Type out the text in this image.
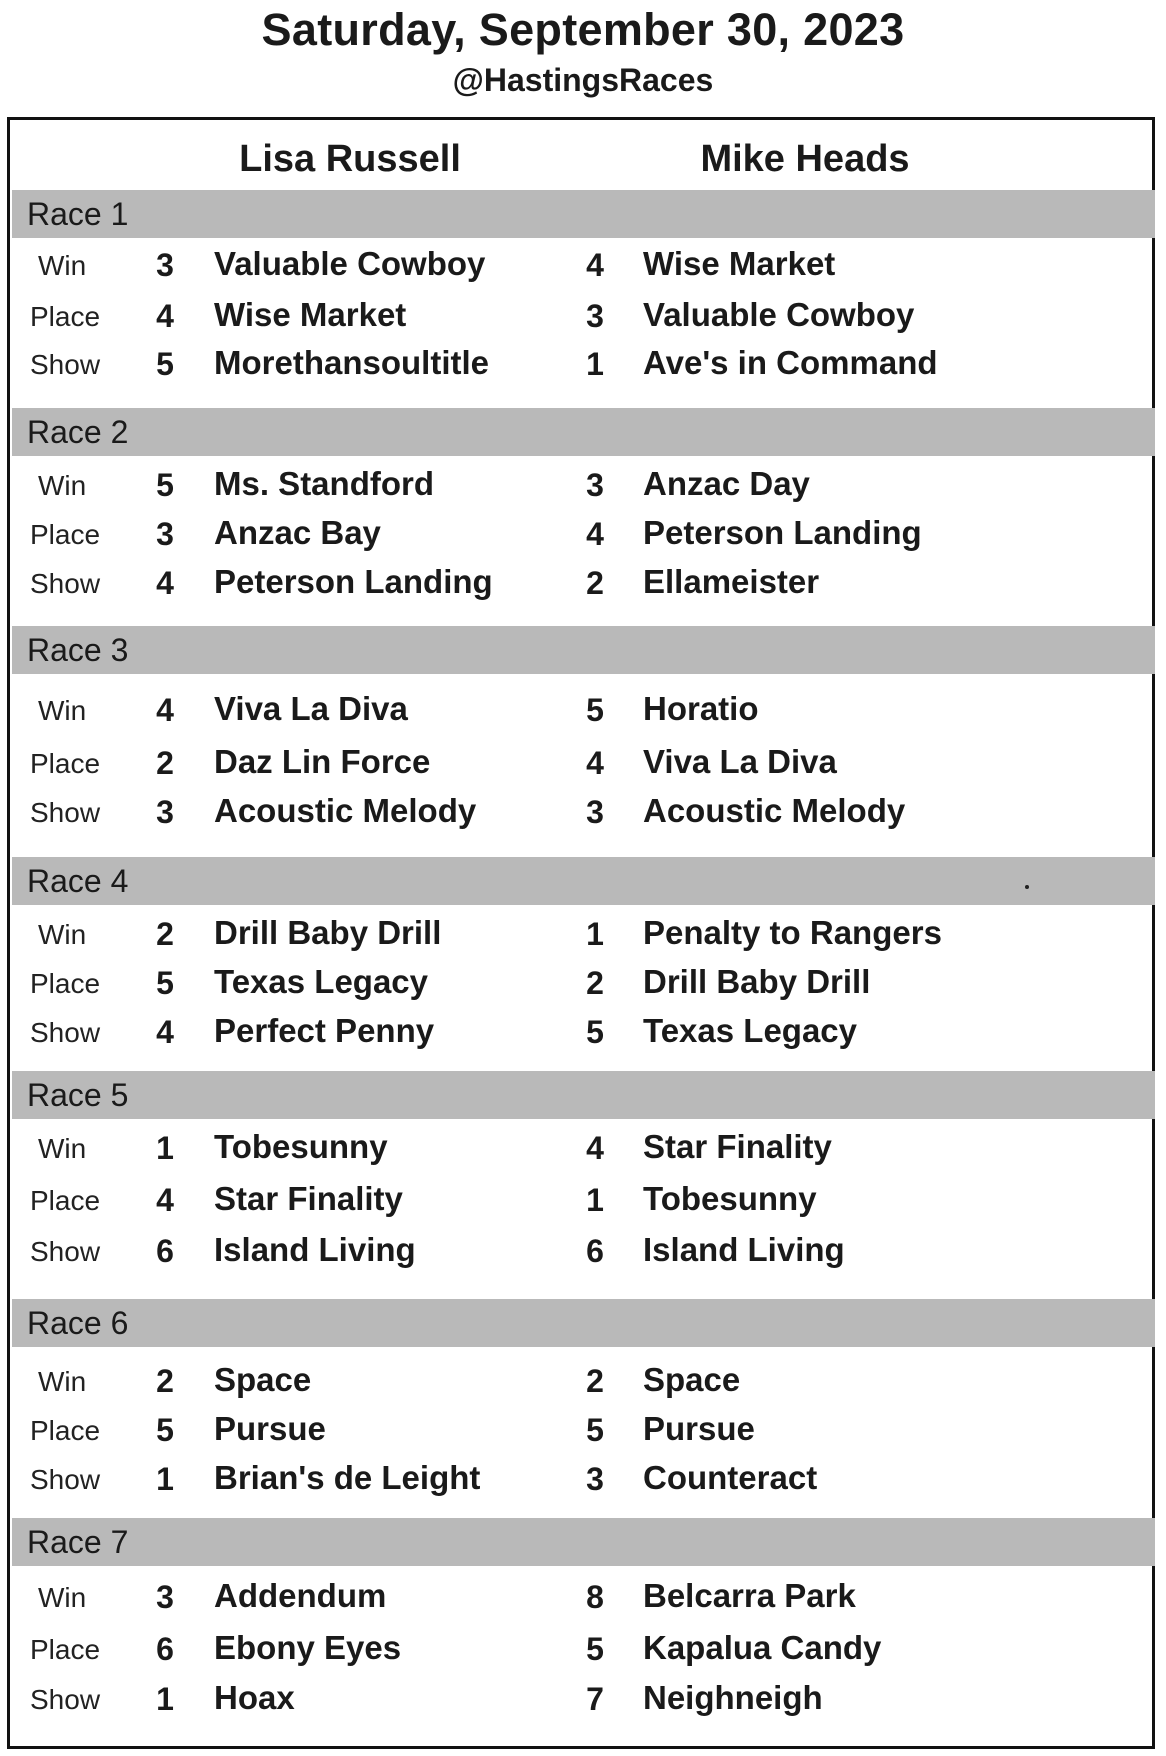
Saturday, September 30, 2023
@HastingsRaces
Lisa Russell	Mike Heads
Race 1
Win	3	Valuable Cowboy	4	Wise Market
Place	4	Wise Market	3	Valuable Cowboy
Show	5	Morethansoultitle	1	Ave's in Command
Race 2
Win	5	Ms. Standford	3	Anzac Day
Place	3	Anzac Bay	4	Peterson Landing
Show	4	Peterson Landing	2	Ellameister
Race 3
Win	4	Viva La Diva	5	Horatio
Place	2	Daz Lin Force	4	Viva La Diva
Show	3	Acoustic Melody	3	Acoustic Melody
Race 4
Win	2	Drill Baby Drill	1	Penalty to Rangers
Place	5	Texas Legacy	2	Drill Baby Drill
Show	4	Perfect Penny	5	Texas Legacy
Race 5
Win	1	Tobesunny	4	Star Finality
Place	4	Star Finality	1	Tobesunny
Show	6	Island Living	6	Island Living
Race 6
Win	2	Space	2	Space
Place	5	Pursue	5	Pursue
Show	1	Brian's de Leight	3	Counteract
Race 7
Win	3	Addendum	8	Belcarra Park
Place	6	Ebony Eyes	5	Kapalua Candy
Show	1	Hoax	7	Neighneigh
